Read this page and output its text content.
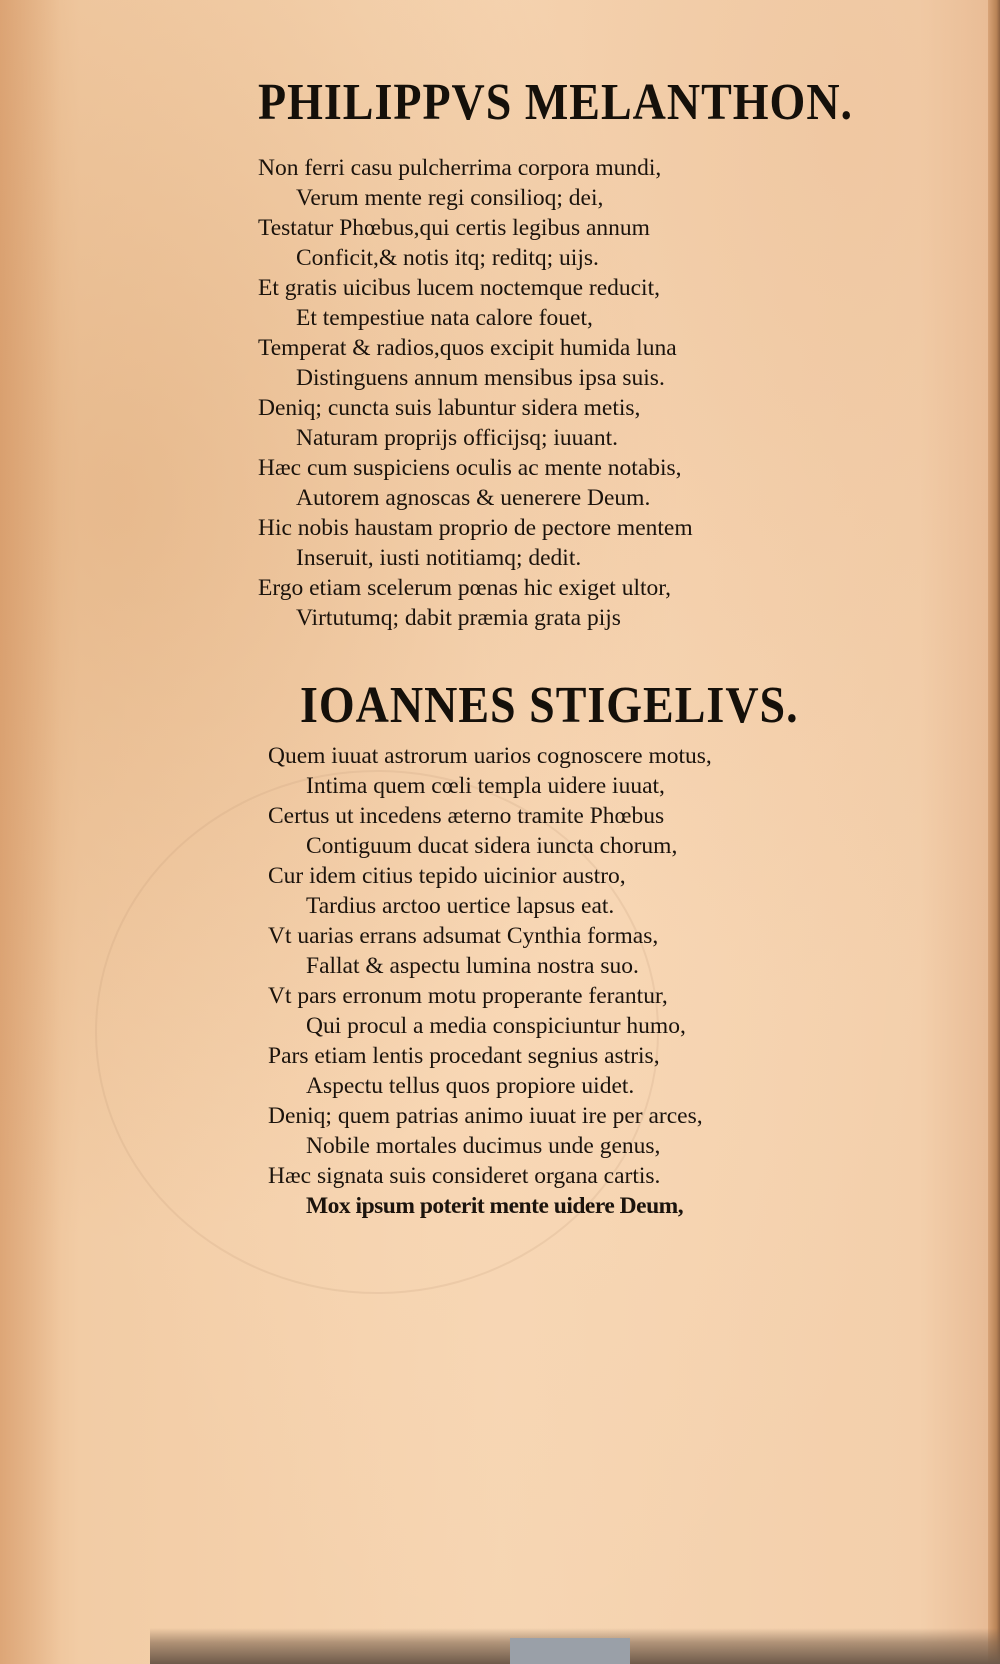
PHILIPPVS MELANTHON.
Non ferri casu pulcherrima corpora mundi,
Verum mente regi consilioq; dei,
Testatur Phœbus,qui certis legibus annum
Conficit,& notis itq; reditq; uijs.
Et gratis uicibus lucem noctemque reducit,
Et tempestiue nata calore fouet,
Temperat & radios,quos excipit humida luna
Distinguens annum mensibus ipsa suis.
Deniq; cuncta suis labuntur sidera metis,
Naturam proprijs officijsq; iuuant.
Hæc cum suspiciens oculis ac mente notabis,
Autorem agnoscas & uenerere Deum.
Hic nobis haustam proprio de pectore mentem
Inseruit, iusti notitiamq; dedit.
Ergo etiam scelerum pœnas hic exiget ultor,
Virtutumq; dabit præmia grata pijs
IOANNES STIGELIVS.
Quem iuuat astrorum uarios cognoscere motus,
Intima quem cœli templa uidere iuuat,
Certus ut incedens æterno tramite Phœbus
Contiguum ducat sidera iuncta chorum,
Cur idem citius tepido uicinior austro,
Tardius arctoo uertice lapsus eat.
Vt uarias errans adsumat Cynthia formas,
Fallat & aspectu lumina nostra suo.
Vt pars erronum motu properante ferantur,
Qui procul a media conspiciuntur humo,
Pars etiam lentis procedant segnius astris,
Aspectu tellus quos propiore uidet.
Deniq; quem patrias animo iuuat ire per arces,
Nobile mortales ducimus unde genus,
Hæc signata suis consideret organa cartis.
Mox ipsum poterit mente uidere Deum,
